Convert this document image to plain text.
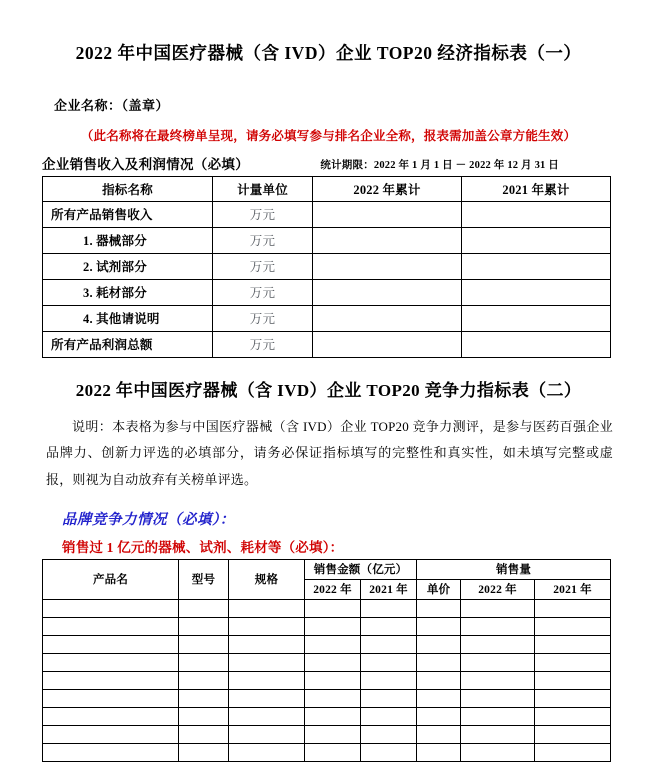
2022 年中国医疗器械（含 IVD）企业 TOP20 经济指标表（一）

企业名称：（盖章）

（此名称将在最终榜单呈现，请务必填写参与排名企业全称，报表需加盖公章方能生效）

企业销售收入及利润情况（必填）	统计期限：2022 年 1 月 1 日 － 2022 年 12 月 31 日
指标名称	计量单位	2022 年累计	2021 年累计
所有产品销售收入	万元		
1. 器械部分	万元		
2. 试剂部分	万元		
3. 耗材部分	万元		
4. 其他请说明	万元		
所有产品利润总额	万元		
2022 年中国医疗器械（含 IVD）企业 TOP20 竞争力指标表（二）

说明：本表格为参与中国医疗器械（含 IVD）企业 TOP20 竞争力测评，是参与医药百强企业品牌力、创新力评选的必填部分，请务必保证指标填写的完整性和真实性，如未填写完整或虚报，则视为自动放弃有关榜单评选。

品牌竞争力情况（必填）：

销售过 1 亿元的器械、试剂、耗材等（必填）：

产品名	型号	规格	销售金额（亿元）		销售量		
			2022 年	2021 年	单价	2022 年	2021 年
